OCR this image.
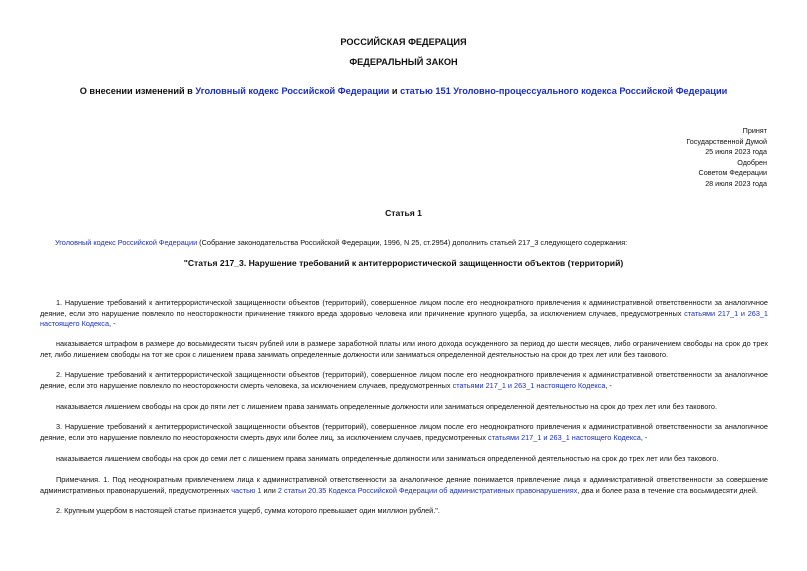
РОССИЙСКАЯ ФЕДЕРАЦИЯ
ФЕДЕРАЛЬНЫЙ ЗАКОН
О внесении изменений в Уголовный кодекс Российской Федерации и статью 151 Уголовно-процессуального кодекса Российской Федерации
Принят
Государственной Думой
25 июля 2023 года
Одобрен
Советом Федерации
28 июля 2023 года
Статья 1
Уголовный кодекс Российской Федерации (Собрание законодательства Российской Федерации, 1996, N 25, ст.2954) дополнить статьей 217_3 следующего содержания:
"Статья 217_3. Нарушение требований к антитеррористической защищенности объектов (территорий)
1. Нарушение требований к антитеррористической защищенности объектов (территорий), совершенное лицом после его неоднократного привлечения к административной ответственности за аналогичное деяние, если это нарушение повлекло по неосторожности причинение тяжкого вреда здоровью человека или причинение крупного ущерба, за исключением случаев, предусмотренных статьями 217_1 и 263_1 настоящего Кодекса, -
наказывается штрафом в размере до восьмидесяти тысяч рублей или в размере заработной платы или иного дохода осужденного за период до шести месяцев, либо ограничением свободы на срок до трех лет, либо лишением свободы на тот же срок с лишением права занимать определенные должности или заниматься определенной деятельностью на срок до трех лет или без такового.
2. Нарушение требований к антитеррористической защищенности объектов (территорий), совершенное лицом после его неоднократного привлечения к административной ответственности за аналогичное деяние, если это нарушение повлекло по неосторожности смерть человека, за исключением случаев, предусмотренных статьями 217_1 и 263_1 настоящего Кодекса, -
наказывается лишением свободы на срок до пяти лет с лишением права занимать определенные должности или заниматься определенной деятельностью на срок до трех лет или без такового.
3. Нарушение требований к антитеррористической защищенности объектов (территорий), совершенное лицом после его неоднократного привлечения к административной ответственности за аналогичное деяние, если это нарушение повлекло по неосторожности смерть двух или более лиц, за исключением случаев, предусмотренных статьями 217_1 и 263_1 настоящего Кодекса, -
наказывается лишением свободы на срок до семи лет с лишением права занимать определенные должности или заниматься определенной деятельностью на срок до трех лет или без такового.
Примечания. 1. Под неоднократным привлечением лица к административной ответственности за аналогичное деяние понимается привлечение лица к административной ответственности за совершение административных правонарушений, предусмотренных частью 1 или 2 статьи 20.35 Кодекса Российской Федерации об административных правонарушениях, два и более раза в течение ста восьмидесяти дней.
2. Крупным ущербом в настоящей статье признается ущерб, сумма которого превышает один миллион рублей.".
